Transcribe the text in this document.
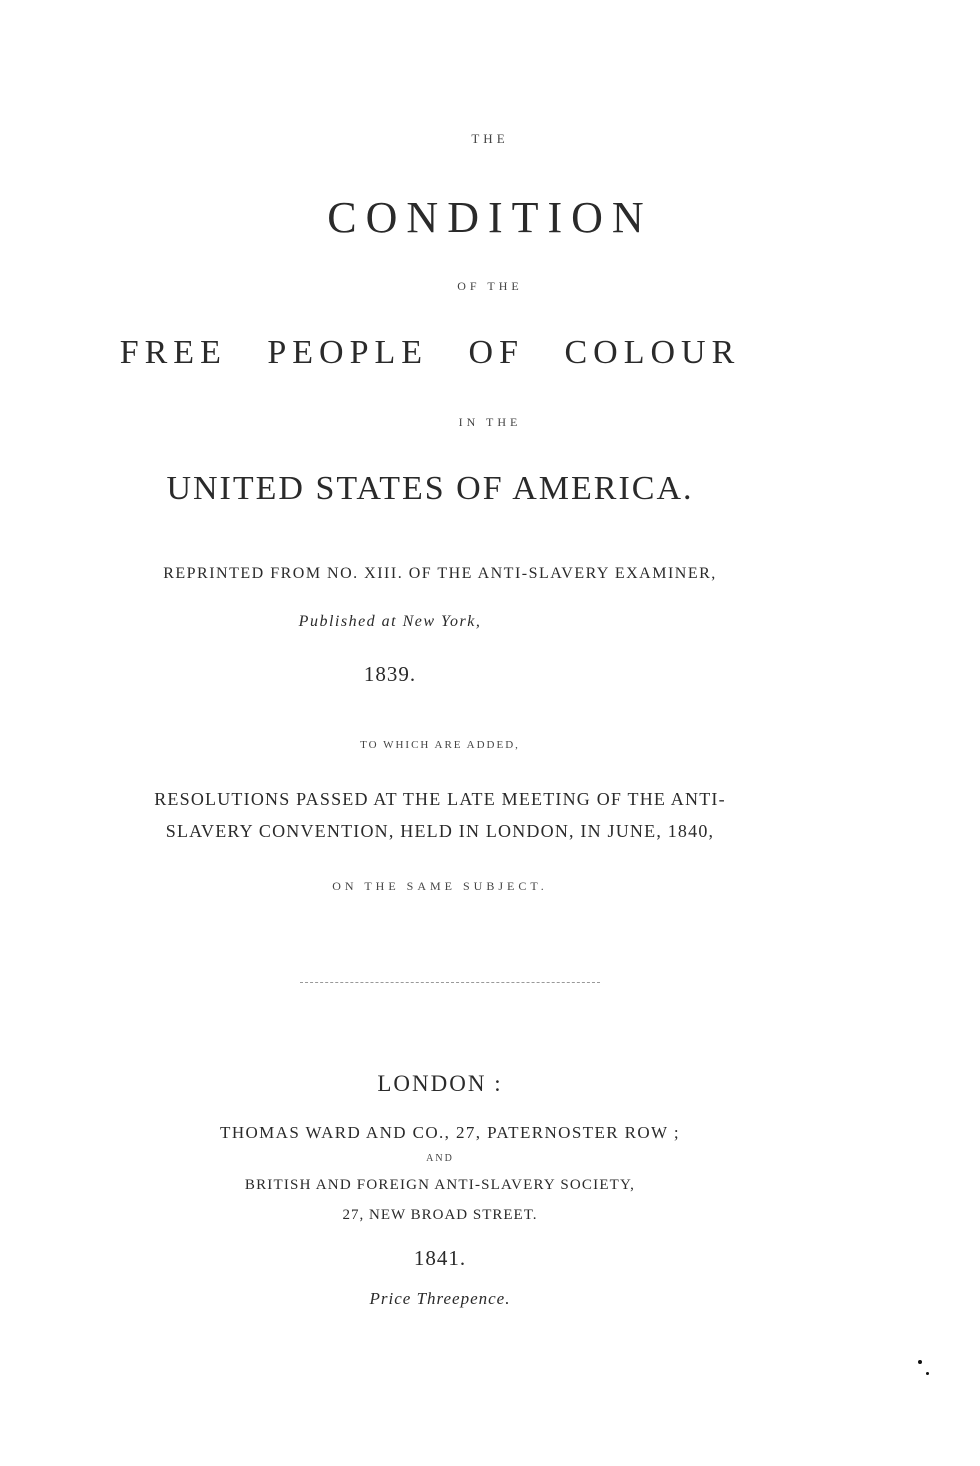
THE
CONDITION
OF THE
FREE PEOPLE OF COLOUR
IN THE
UNITED STATES OF AMERICA.
REPRINTED FROM NO. XIII. OF THE ANTI-SLAVERY EXAMINER,
Published at New York,
1839.
TO WHICH ARE ADDED,
RESOLUTIONS PASSED AT THE LATE MEETING OF THE ANTI-
SLAVERY CONVENTION, HELD IN LONDON, IN JUNE, 1840,
ON THE SAME SUBJECT.
LONDON :
THOMAS WARD AND CO., 27, PATERNOSTER ROW ;
AND
BRITISH AND FOREIGN ANTI-SLAVERY SOCIETY,
27, NEW BROAD STREET.
1841.
Price Threepence.
